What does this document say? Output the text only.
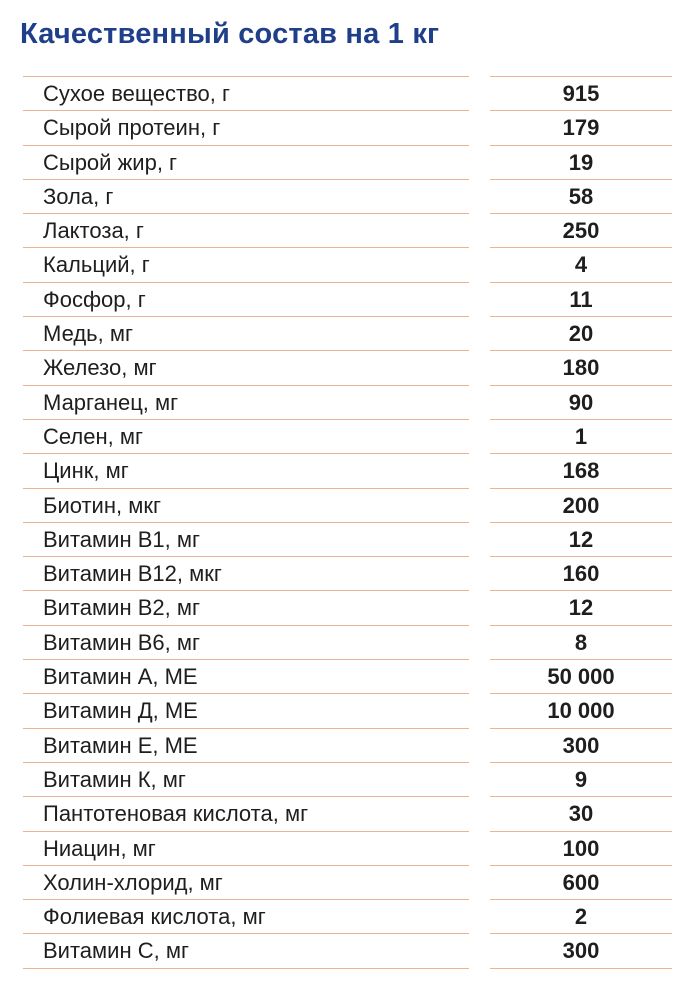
Качественный состав на 1 кг
Сухое вещество, г	915
Сырой протеин, г	179
Сырой жир, г	19
Зола, г	58
Лактоза, г	250
Кальций, г	4
Фосфор, г	11
Медь, мг	20
Железо, мг	180
Марганец, мг	90
Селен, мг	1
Цинк, мг	168
Биотин, мкг	200
Витамин В1, мг	12
Витамин В12, мкг	160
Витамин В2, мг	12
Витамин В6, мг	8
Витамин А, МЕ	50 000
Витамин Д, МЕ	10 000
Витамин Е, МЕ	300
Витамин К, мг	9
Пантотеновая кислота, мг	30
Ниацин, мг	100
Холин-хлорид, мг	600
Фолиевая кислота, мг	2
Витамин С, мг	300
